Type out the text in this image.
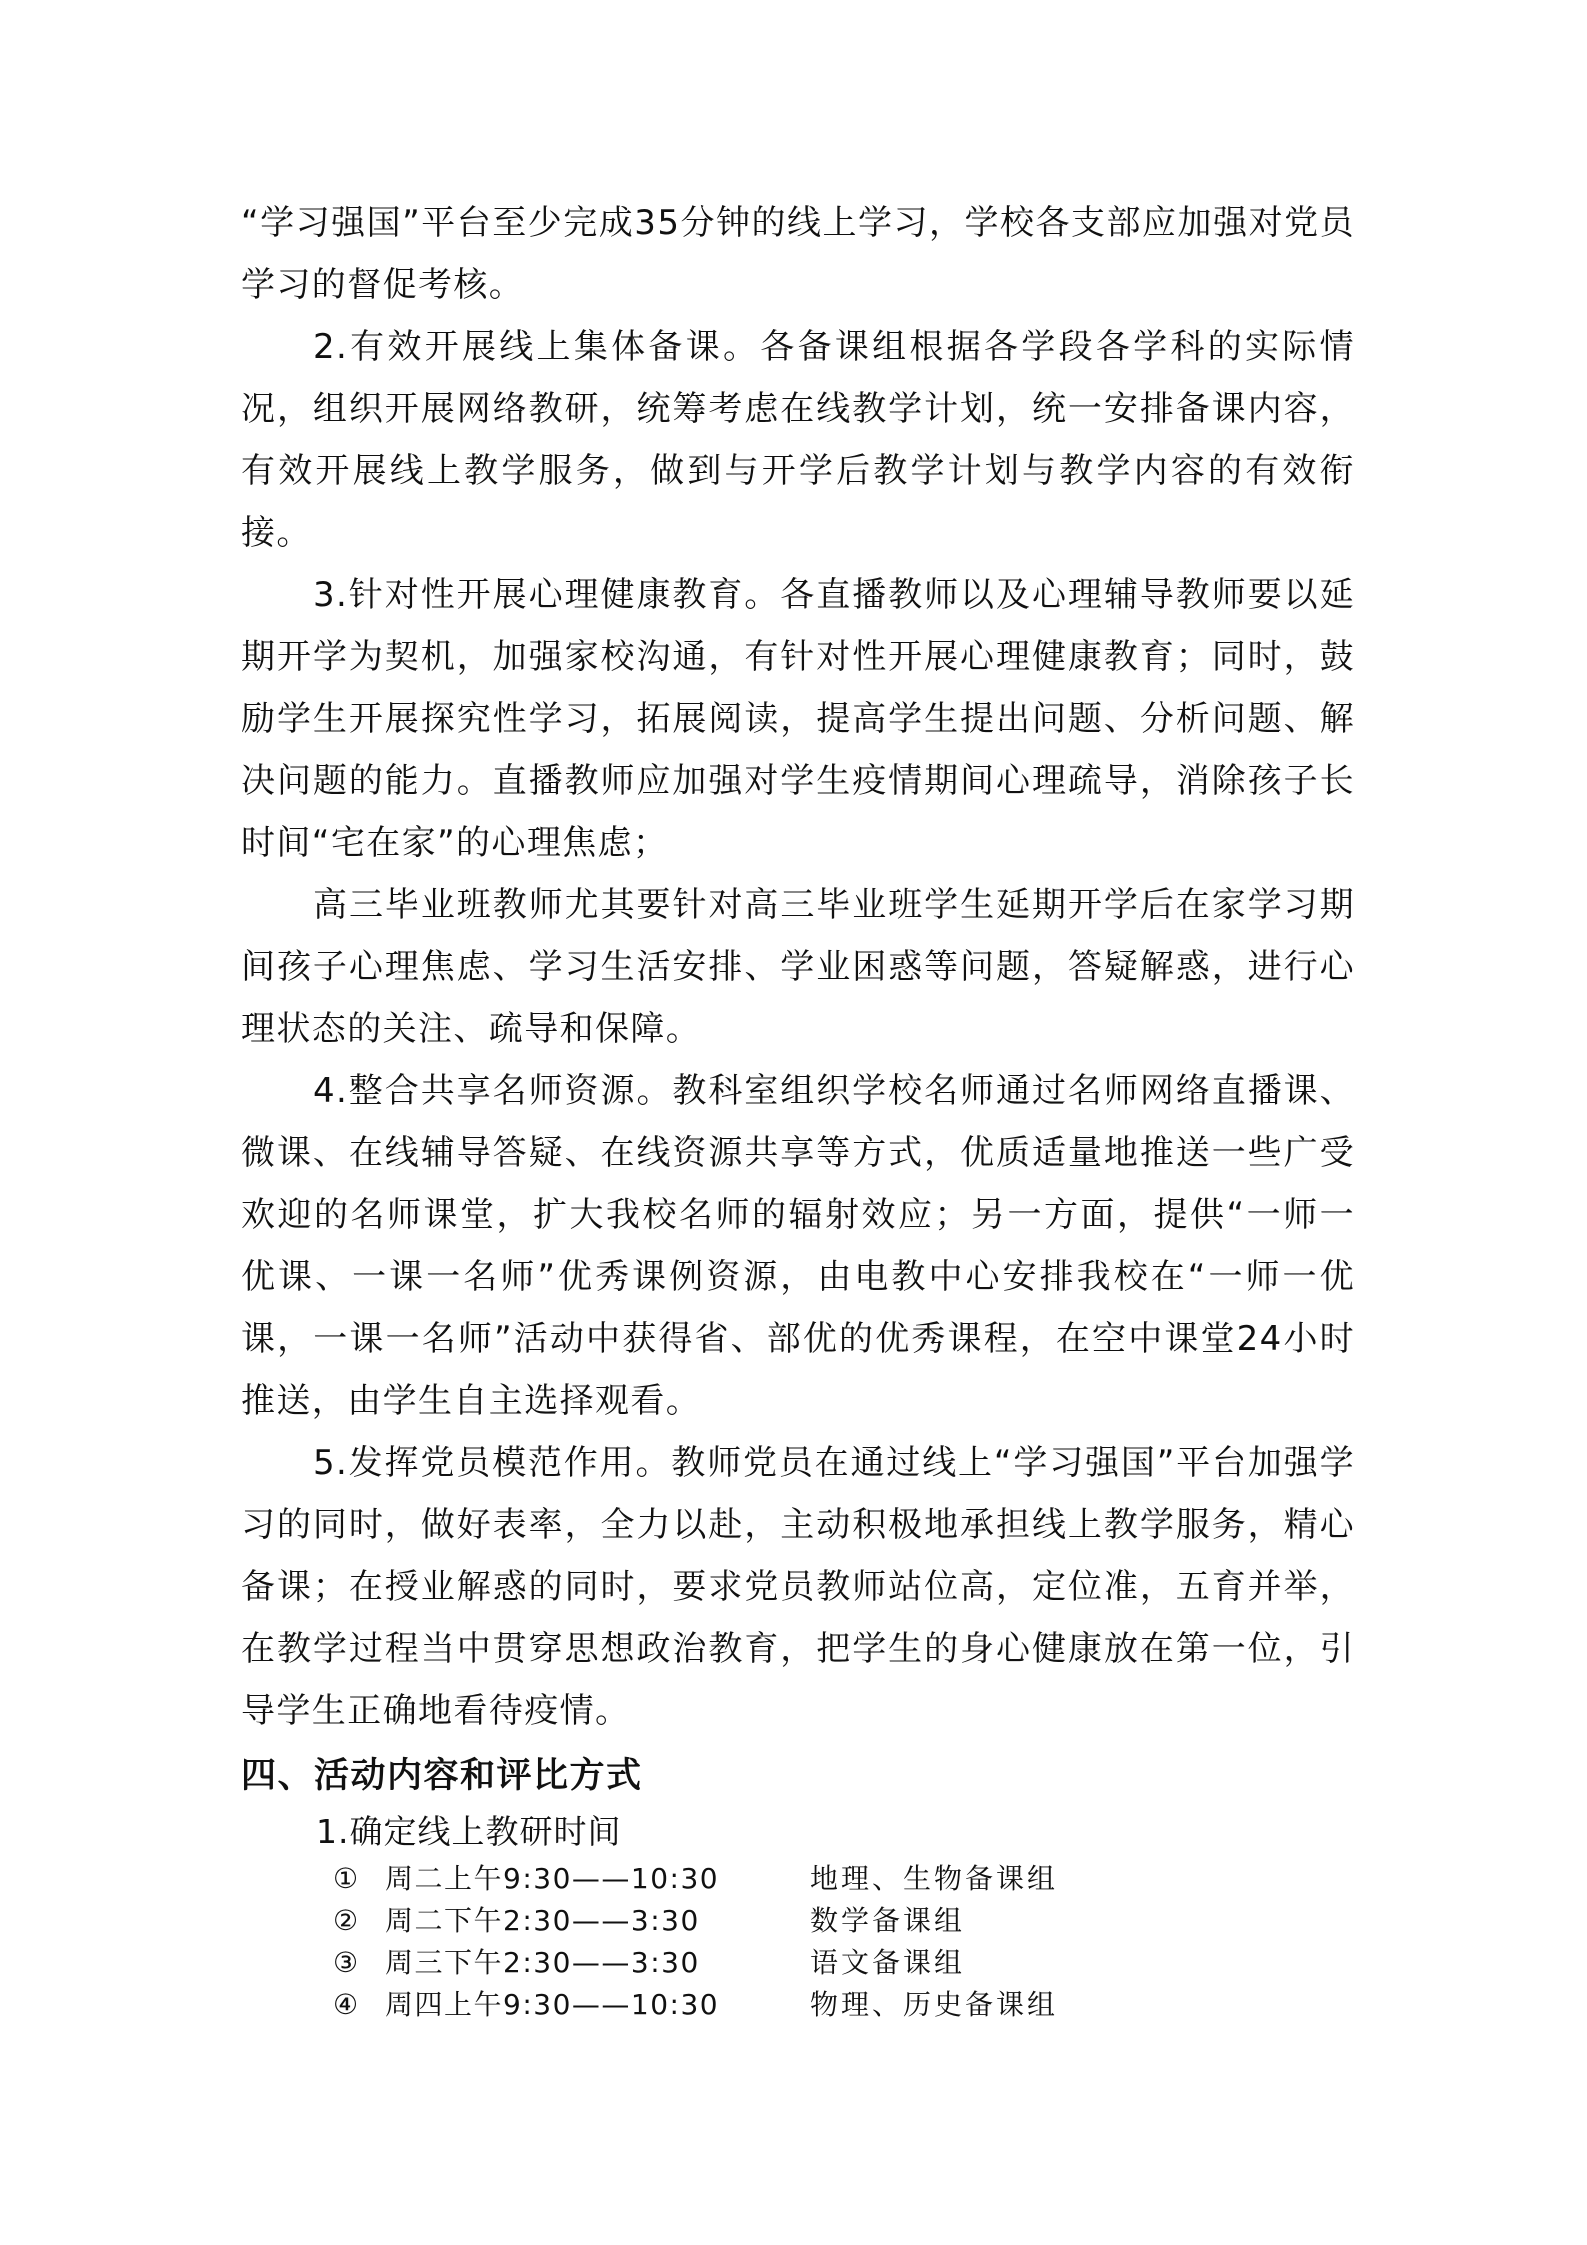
“学习强国”平台至少完成35分钟的线上学习，学校各支部应加强对党员学习的督促考核。

2.有效开展线上集体备课。各备课组根据各学段各学科的实际情况，组织开展网络教研，统筹考虑在线教学计划，统一安排备课内容，有效开展线上教学服务，做到与开学后教学计划与教学内容的有效衔接。

3.针对性开展心理健康教育。各直播教师以及心理辅导教师要以延期开学为契机，加强家校沟通，有针对性开展心理健康教育；同时，鼓励学生开展探究性学习，拓展阅读，提高学生提出问题、分析问题、解决问题的能力。直播教师应加强对学生疫情期间心理疏导，消除孩子长时间“宅在家”的心理焦虑；

高三毕业班教师尤其要针对高三毕业班学生延期开学后在家学习期间孩子心理焦虑、学习生活安排、学业困惑等问题，答疑解惑，进行心理状态的关注、疏导和保障。

4.整合共享名师资源。教科室组织学校名师通过名师网络直播课、微课、在线辅导答疑、在线资源共享等方式，优质适量地推送一些广受欢迎的名师课堂，扩大我校名师的辐射效应；另一方面，提供“一师一优课、一课一名师”优秀课例资源，由电教中心安排我校在“一师一优课，一课一名师”活动中获得省、部优的优秀课程，在空中课堂24小时推送，由学生自主选择观看。

5.发挥党员模范作用。教师党员在通过线上“学习强国”平台加强学习的同时，做好表率，全力以赴，主动积极地承担线上教学服务，精心备课；在授业解惑的同时，要求党员教师站位高，定位准，五育并举，在教学过程当中贯穿思想政治教育，把学生的身心健康放在第一位，引导学生正确地看待疫情。

四、活动内容和评比方式
1.确定线上教研时间
① 周二上午9:30——10:30	地理、生物备课组
② 周二下午2:30——3:30	数学备课组
③ 周三下午2:30——3:30	语文备课组
④ 周四上午9:30——10:30	物理、历史备课组
